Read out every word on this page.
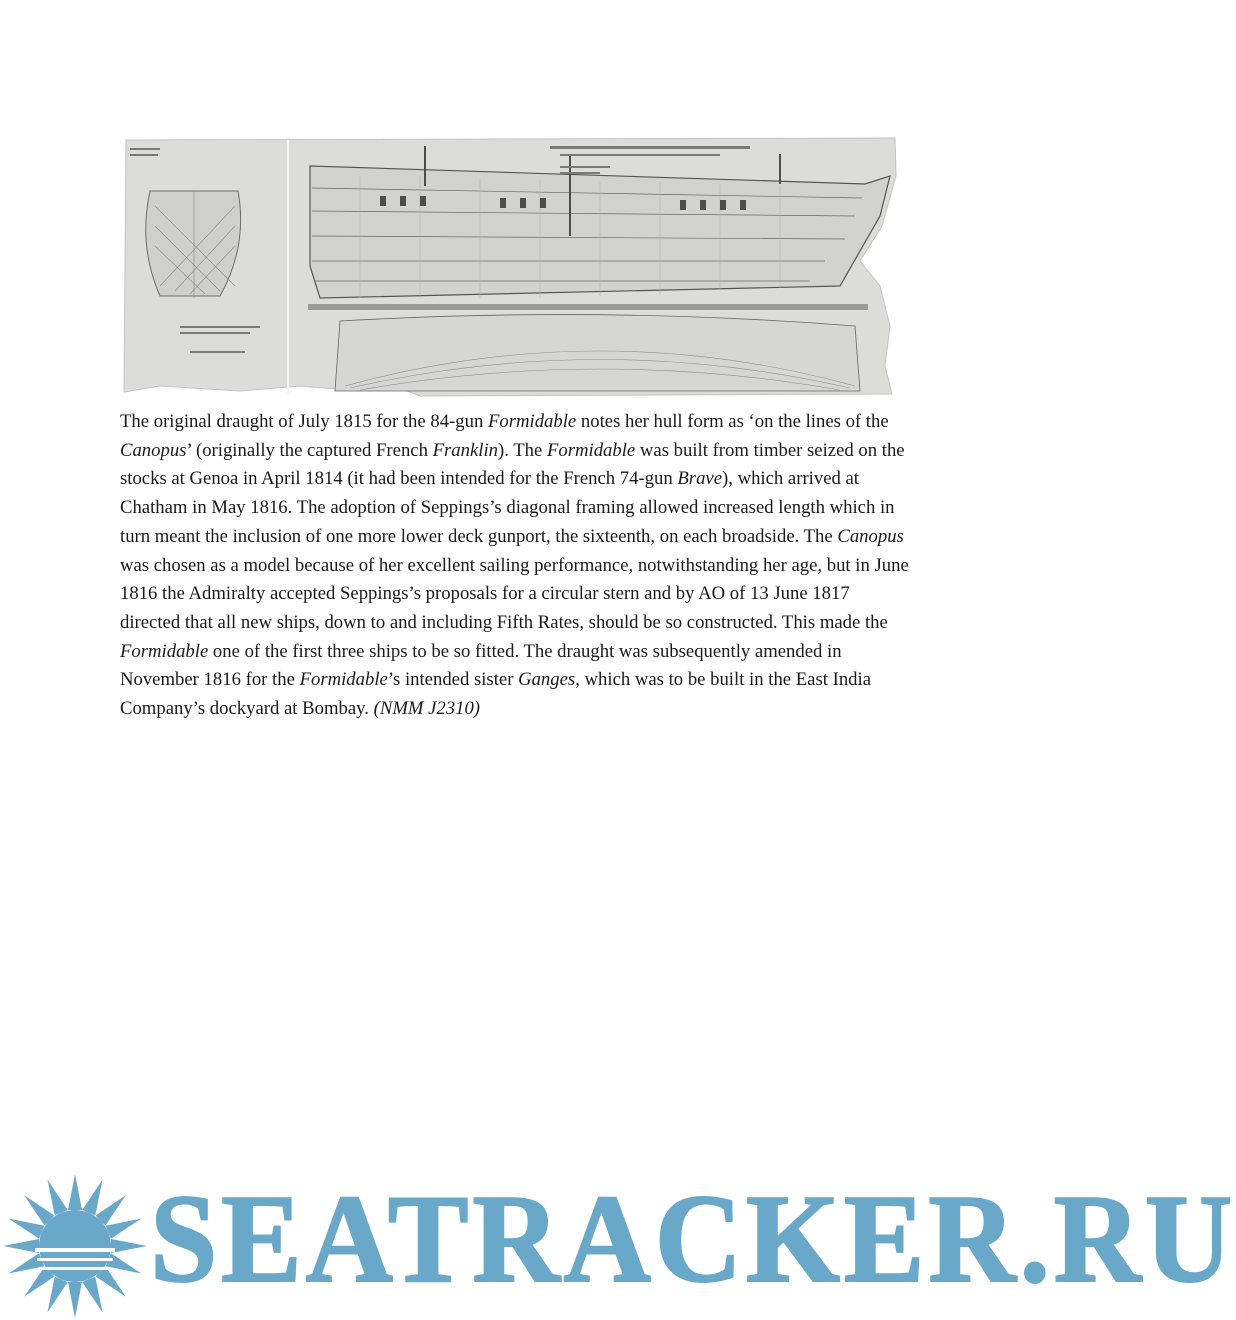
The original draught of July 1815 for the 84-gun Formidable notes her hull form as ‘on the lines of the Canopus’ (originally the captured French Franklin). The Formidable was built from timber seized on the stocks at Genoa in April 1814 (it had been intended for the French 74-gun Brave), which arrived at Chatham in May 1816. The adoption of Seppings’s diagonal framing allowed increased length which in turn meant the inclusion of one more lower deck gunport, the sixteenth, on each broadside. The Canopus was chosen as a model because of her excellent sailing performance, notwithstanding her age, but in June 1816 the Admiralty accepted Seppings’s proposals for a circular stern and by AO of 13 June 1817 directed that all new ships, down to and including Fifth Rates, should be so constructed. This made the Formidable one of the first three ships to be so fitted. The draught was subsequently amended in November 1816 for the Formidable’s intended sister Ganges, which was to be built in the East India Company’s dockyard at Bombay. (NMM J2310)

SEATRACKER.RU
